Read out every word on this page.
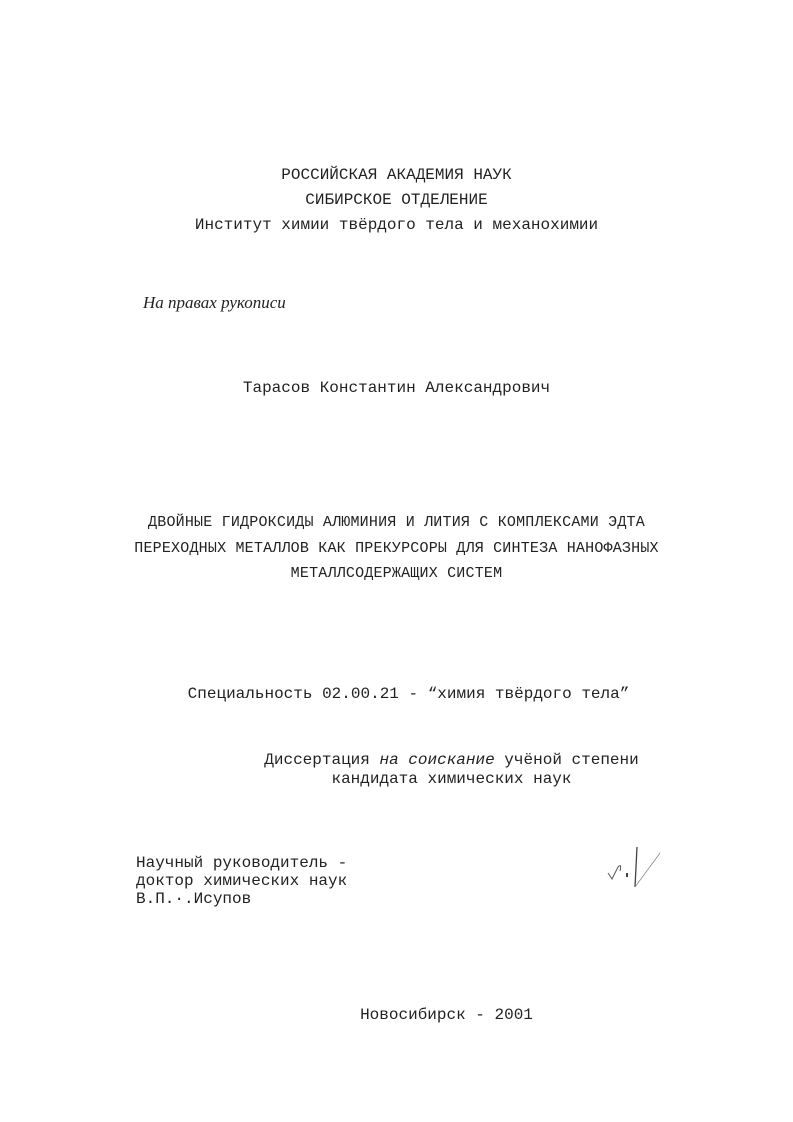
РОССИЙСКАЯ АКАДЕМИЯ НАУК
СИБИРСКОЕ ОТДЕЛЕНИЕ
Институт химии твёрдого тела и механохимии
На правах рукописи
Тарасов Константин Александрович
ДВОЙНЫЕ ГИДРОКСИДЫ АЛЮМИНИЯ И ЛИТИЯ С КОМПЛЕКСАМИ ЭДТА
ПЕРЕХОДНЫХ МЕТАЛЛОВ КАК ПРЕКУРСОРЫ ДЛЯ СИНТЕЗА НАНОФАЗНЫХ
МЕТАЛЛСОДЕРЖАЩИХ СИСТЕМ
Специальность 02.00.21 - “химия твёрдого тела”
Диссертация на соискание учёной степени
кандидата химических наук
Научный руководитель -
доктор химических наук
В.П.·.Исупов
Новосибирск - 2001
